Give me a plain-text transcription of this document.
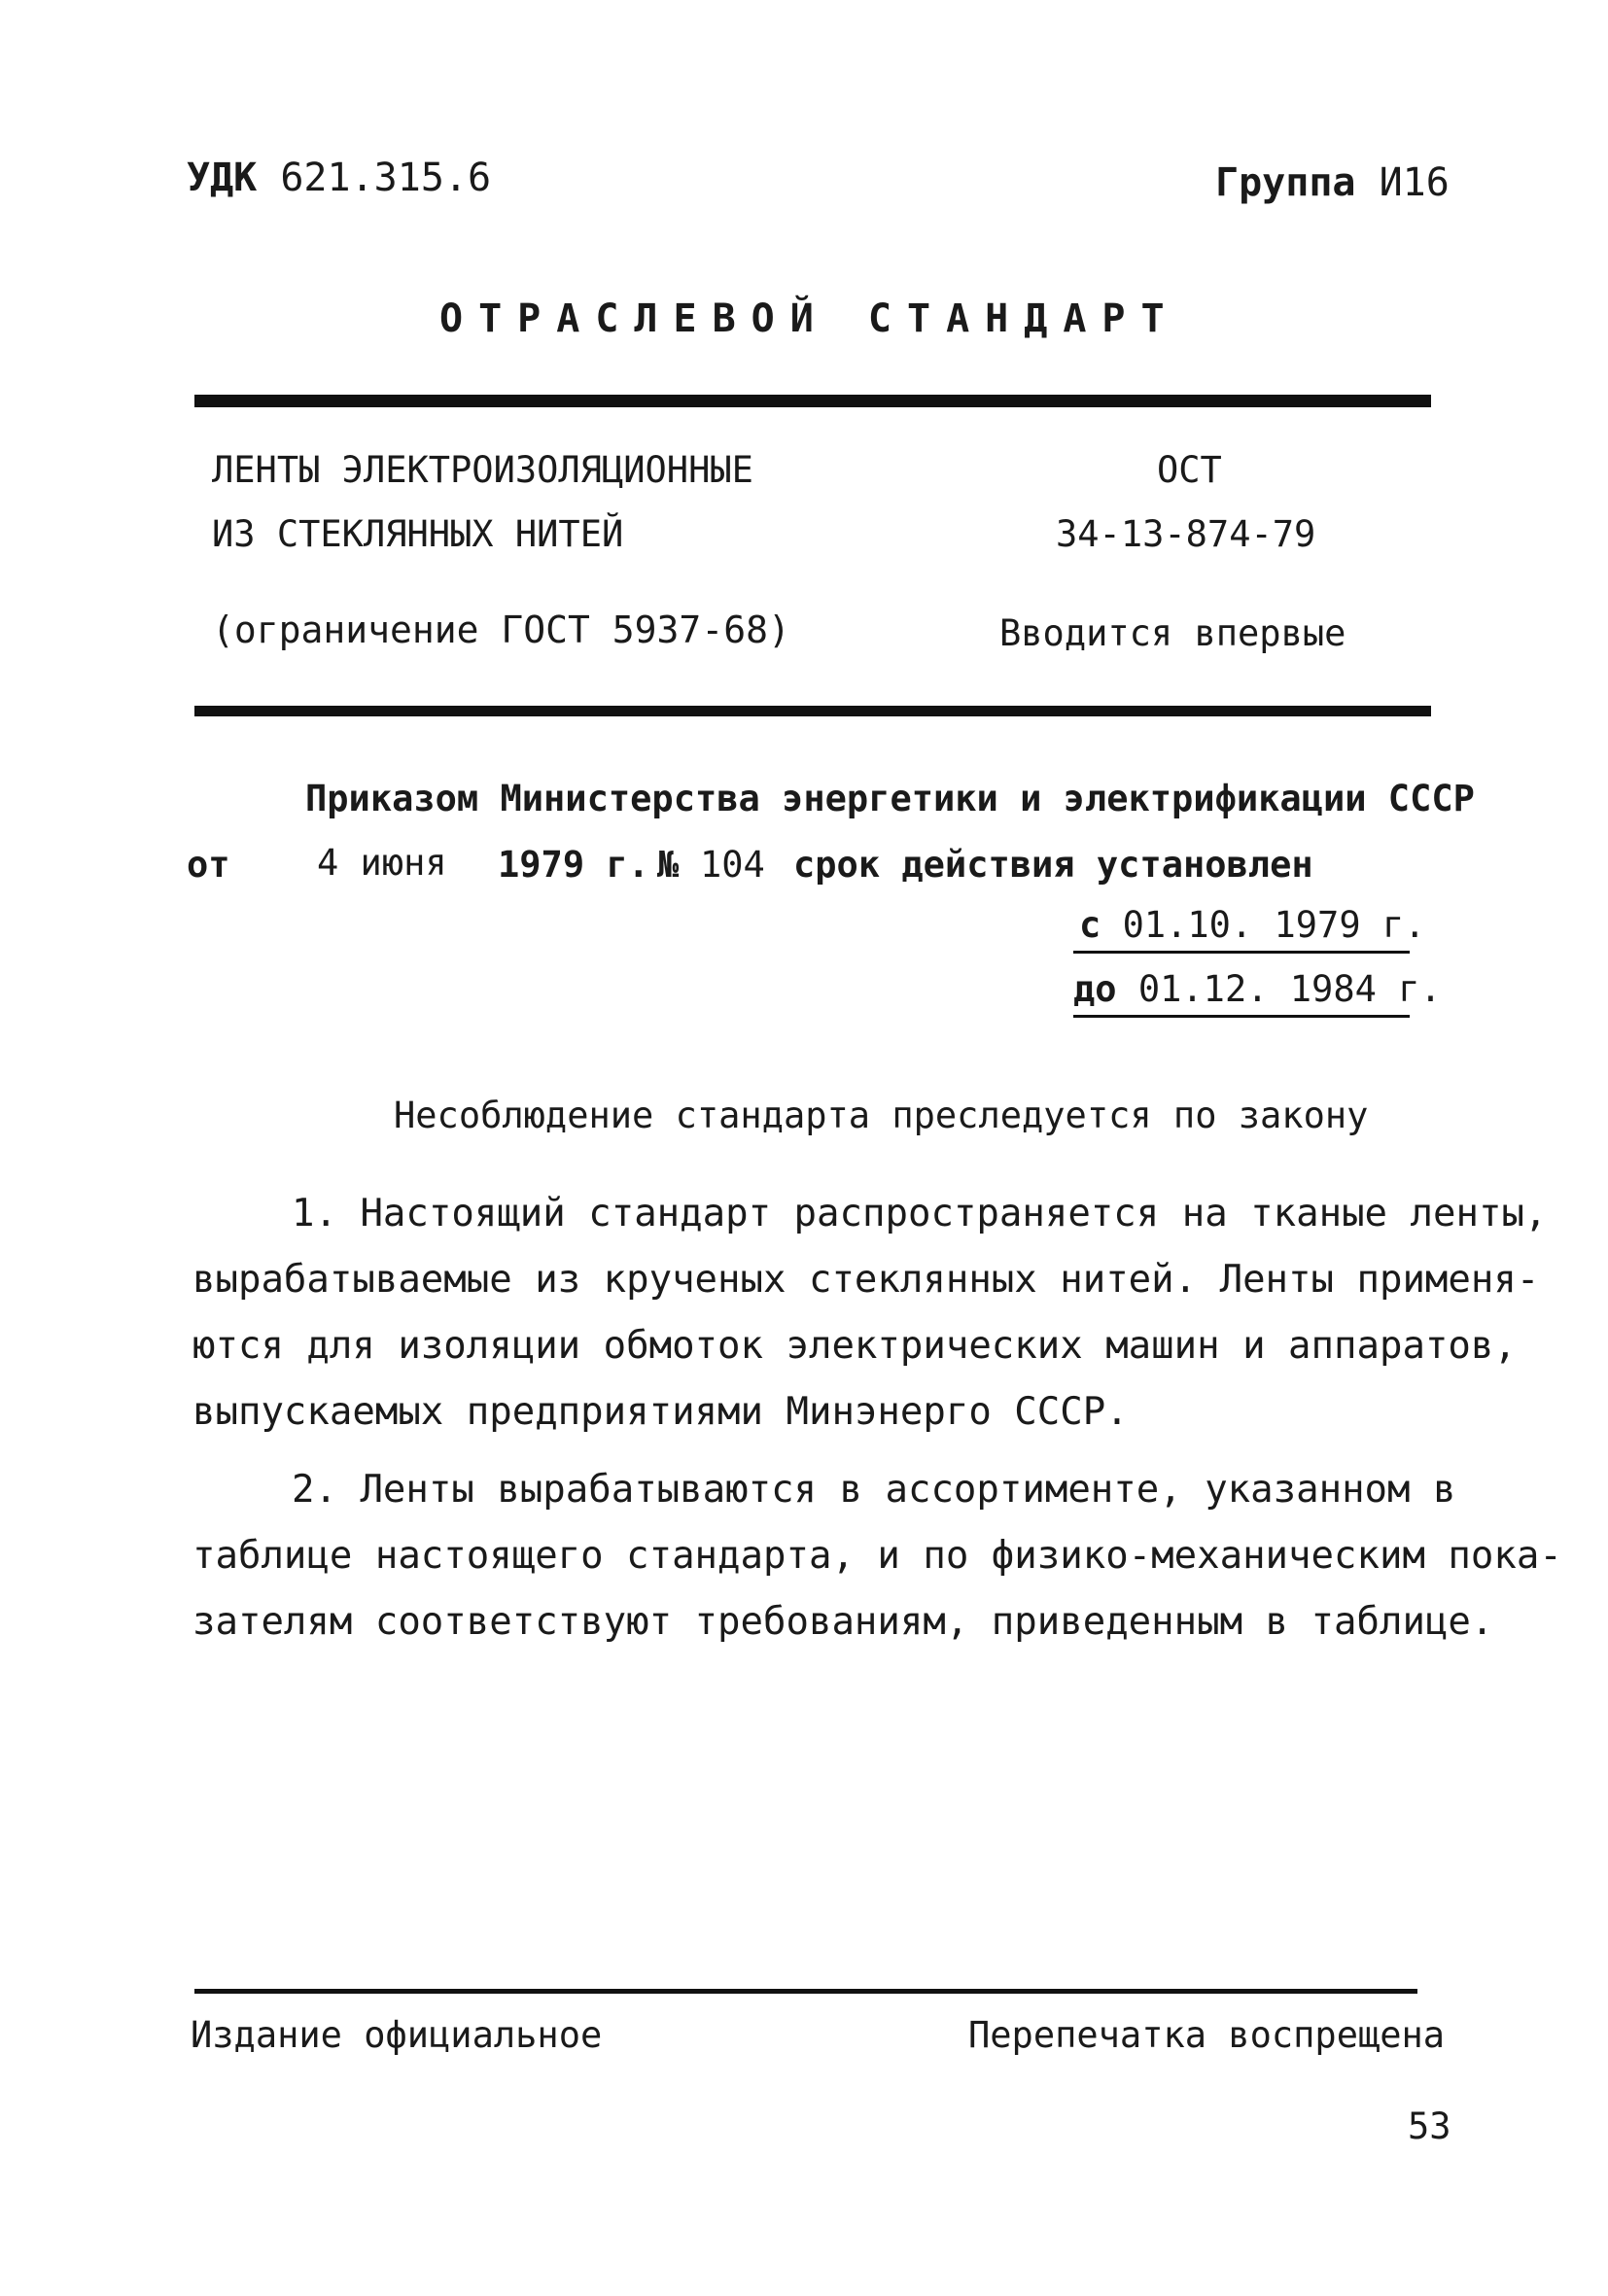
УДК 621.315.6	Группа И16
ОТРАСЛЕВОЙ СТАНДАРТ
ЛЕНТЫ ЭЛЕКТРОИЗОЛЯЦИОННЫЕ
ИЗ СТЕКЛЯННЫХ НИТЕЙ
(ограничение ГОСТ 5937-68)
ОСТ
34-13-874-79
Вводится впервые
Приказом Министерства энергетики и электрификации СССР
от 4 июня 1979 г. № 104 срок действия установлен
с 01.10. 1979 г.
до 01.12. 1984 г.
Несоблюдение стандарта преследуется по закону
1. Настоящий стандарт распространяется на тканые ленты,
вырабатываемые из крученых стеклянных нитей. Ленты применя-
ются для изоляции обмоток электрических машин и аппаратов,
выпускаемых предприятиями Минэнерго СССР.
2. Ленты вырабатываются в ассортименте, указанном в
таблице настоящего стандарта, и по физико-механическим пока-
зателям соответствуют требованиям, приведенным в таблице.
Издание официальное	Перепечатка воспрещена
53
